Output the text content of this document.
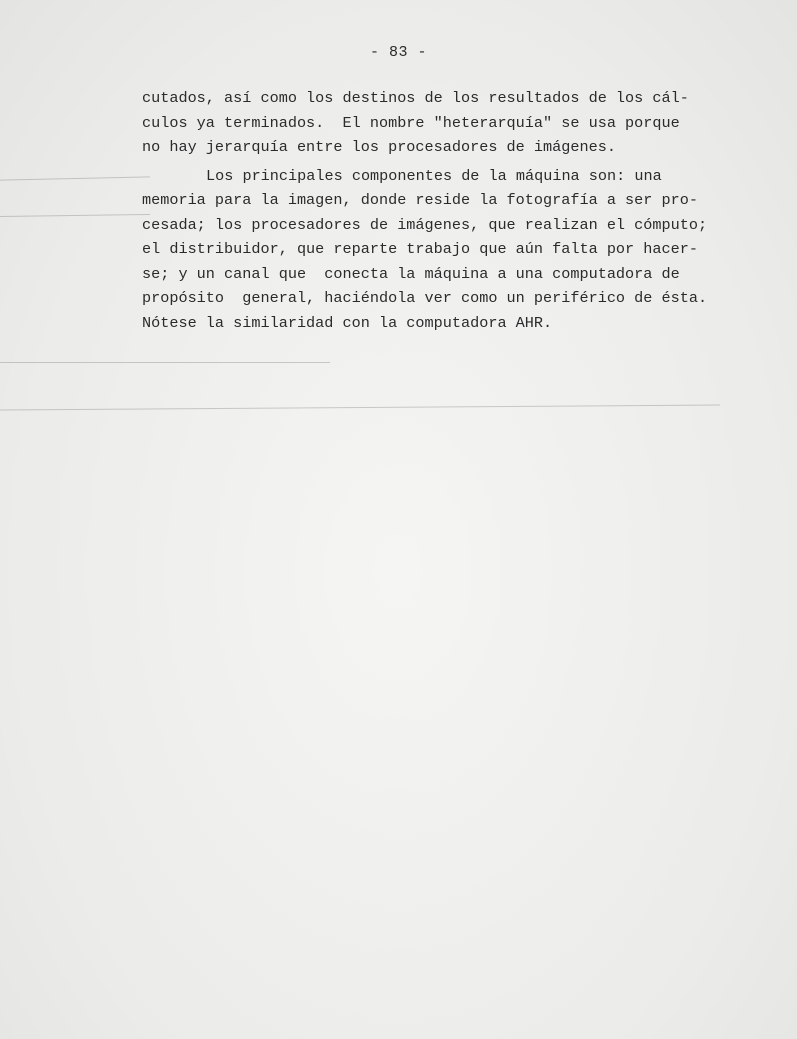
- 83 -
cutados, así como los destinos de los resultados de los cál-
culos ya terminados.  El nombre "heterarquía" se usa porque
no hay jerarquía entre los procesadores de imágenes.
Los principales componentes de la máquina son: una
memoria para la imagen, donde reside la fotografía a ser pro-
cesada; los procesadores de imágenes, que realizan el cómputo;
el distribuidor, que reparte trabajo que aún falta por hacer-
se; y un canal que  conecta la máquina a una computadora de
propósito  general, haciéndola ver como un periférico de ésta.
Nótese la similaridad con la computadora AHR.
